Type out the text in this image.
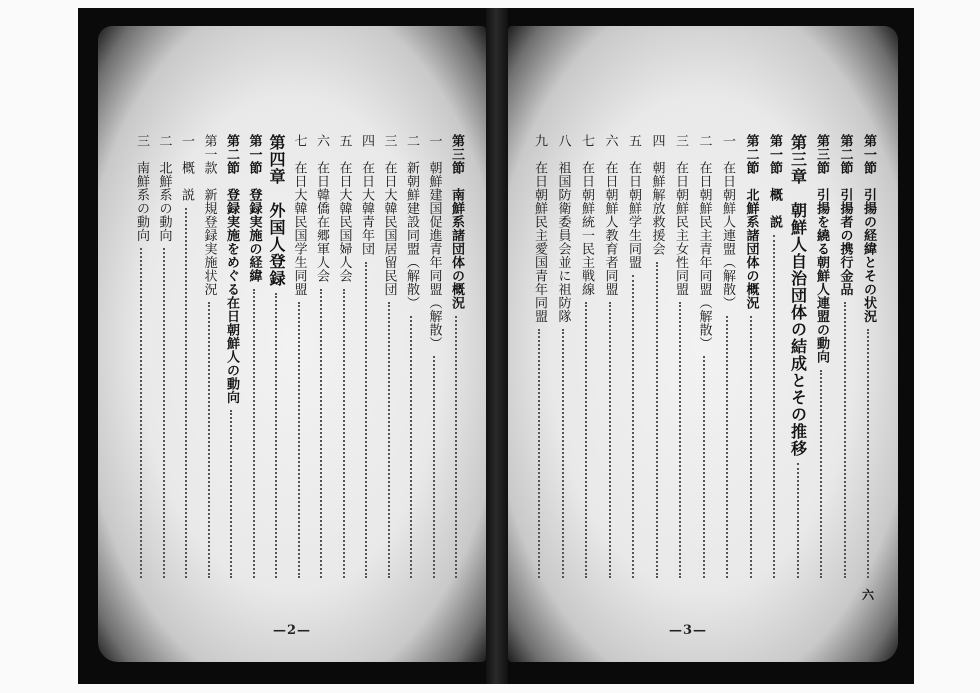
第三節　南鮮系諸団体の概況
一　朝鮮建国促進青年同盟（解散）
二　新朝鮮建設同盟（解散）
三　在日大韓民国居留民団
四　在日大韓青年団
五　在日大韓民国婦人会
六　在日韓僑在郷軍人会
七　在日大韓民国学生同盟
第四章　外国人登録
第一節　登録実施の経緯
第二節　登録実施をめぐる在日朝鮮人の動向
第一款　新規登録実施状況
一　概　説
二　北鮮系の動向
三　南鮮系の動向
—2—
第一節　引揚の経緯とその状況
六
第二節　引揚者の携行金品
第三節　引揚を繞る朝鮮人連盟の動向
第三章　朝鮮人自治団体の結成とその推移
第一節　概　説
第二節　北鮮系諸団体の概況
一　在日朝鮮人連盟（解散）
二　在日朝鮮民主青年同盟（解散）
三　在日朝鮮民主女性同盟
四　朝鮮解放救援会
五　在日朝鮮学生同盟
六　在日朝鮮人教育者同盟
七　在日朝鮮統一民主戦線
八　祖国防衛委員会並に祖防隊
九　在日朝鮮民主愛国青年同盟
—3—
